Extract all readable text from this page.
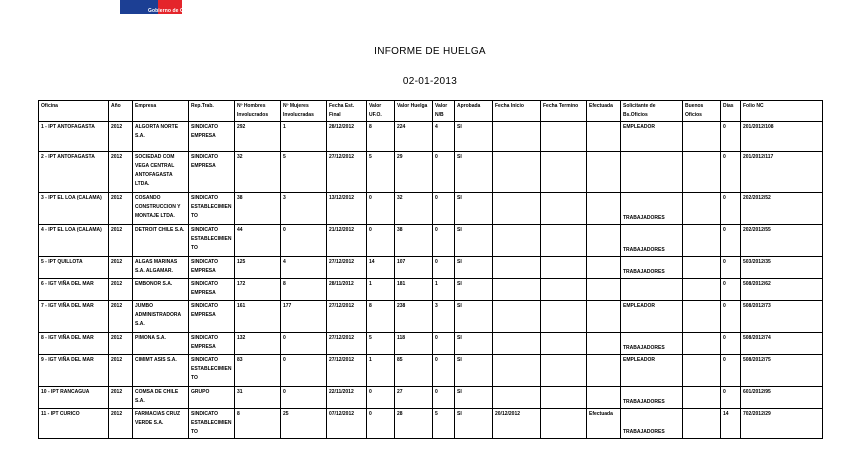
Gobierno de Chile
INFORME DE HUELGA
02-01-2013
Oficina	Año	Empresa	Rep.Trab.	Nº Hombres Involucrados	Nº Mujeres Involucradas	Fecha Est. Final	Valor UF.O.	Valor Huelga	Valor N/B	Aprobada	Fecha Inicio	Fecha Termino	Efectuada	Solicitante de Bs.Oficios	Buenos Oficios	Días	Folio NC
1 - IPT ANTOFAGASTA	2012	ALGORTA NORTE S.A.	SINDICATO EMPRESA	292	1	28/12/2012	8	224	4	SI				EMPLEADOR		0	201/2012/108
2 - IPT ANTOFAGASTA	2012	SOCIEDAD COM VEGA CENTRAL ANTOFAGASTA LTDA.	SINDICATO EMPRESA	32	5	27/12/2012	5	29	0	SI						0	201/2012/117
3 - IPT EL LOA (CALAMA)	2012	COSANDO CONSTRUCCION Y MONTAJE LTDA.	SINDICATO ESTABLECIMIENTO	38	3	13/12/2012	0	32	0	SI				TRABAJADORES		0	202/2012/52
4 - IPT EL LOA (CALAMA)	2012	DETROIT CHILE S.A.	SINDICATO ESTABLECIMIENTO	44	0	21/12/2012	0	38	0	SI				TRABAJADORES		0	202/2012/55
5 - IPT QUILLOTA	2012	ALGAS MARINAS S.A. ALGAMAR.	SINDICATO EMPRESA	125	4	27/12/2012	14	107	0	SI				TRABAJADORES		0	503/2012/35
6 - IGT VIÑA DEL MAR	2012	EMBONOR S.A.	SINDICATO EMPRESA	172	8	28/11/2012	1	181	1	SI						0	508/2012/62
7 - IGT VIÑA DEL MAR	2012	JUMBO ADMINISTRADORA S.A.	SINDICATO EMPRESA	161	177	27/12/2012	8	238	3	SI				EMPLEADOR		0	508/2012/73
8 - IGT VIÑA DEL MAR	2012	PIMONA S.A.	SINDICATO EMPRESA	132	0	27/12/2012	5	118	0	SI				TRABAJADORES		0	508/2012/74
9 - IGT VIÑA DEL MAR	2012	CIMIMT ASIS S.A.	SINDICATO ESTABLECIMIENTO	83	0	27/12/2012	1	85	0	SI				EMPLEADOR		0	508/2012/75
10 - IPT RANCAGUA	2012	COMSA DE CHILE S.A.	GRUPO	31	0	22/11/2012	0	27	0	SI				TRABAJADORES		0	601/2012/95
11 - IPT CURICO	2012	FARMACIAS CRUZ VERDE S.A.	SINDICATO ESTABLECIMIENTO	8	25	07/12/2012	0	28	5	SI	20/12/2012		Efectuada	TRABAJADORES		14	702/2012/29
